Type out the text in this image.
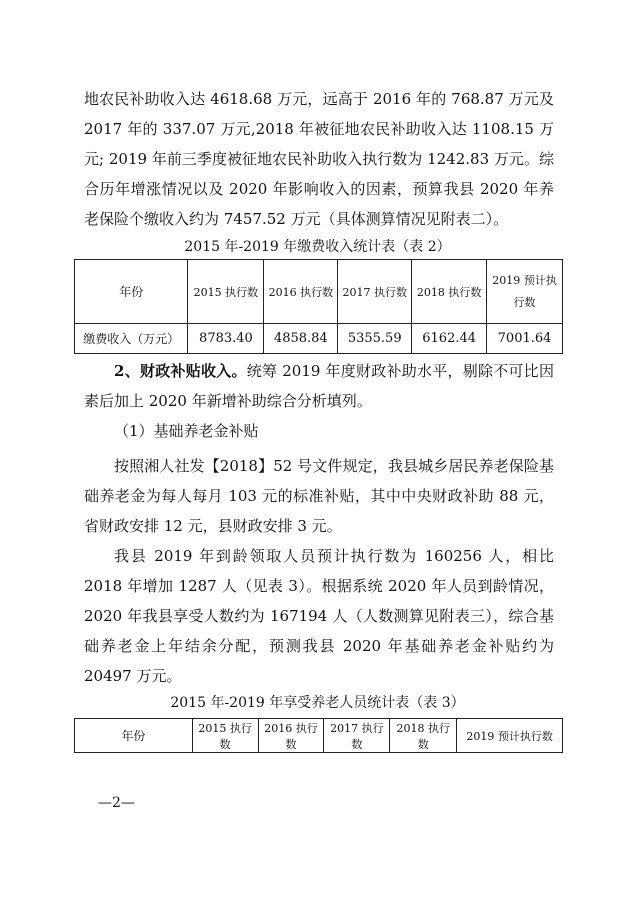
地农民补助收入达 4618.68 万元，远高于 2016 年的 768.87 万元及 2017 年的 337.07 万元,2018 年被征地农民补助收入达 1108.15 万元; 2019 年前三季度被征地农民补助收入执行数为 1242.83 万元。综合历年增涨情况以及 2020 年影响收入的因素，预算我县 2020 年养老保险个缴收入约为 7457.52 万元（具体测算情况见附表二）。

2015 年-2019 年缴费收入统计表（表 2）
年份	2015 执行数	2016 执行数	2017 执行数	2018 执行数	2019 预计执行数
缴费收入（万元）	8783.40	4858.84	5355.59	6162.44	7001.64

2、财政补贴收入。统筹 2019 年度财政补助水平，剔除不可比因素后加上 2020 年新增补助综合分析填列。

（1）基础养老金补贴

按照湘人社发【2018】52 号文件规定，我县城乡居民养老保险基础养老金为每人每月 103 元的标准补贴，其中中央财政补助 88 元，省财政安排 12 元，县财政安排 3 元。

我县 2019 年到龄领取人员预计执行数为 160256 人，相比 2018 年增加 1287 人（见表 3）。根据系统 2020 年人员到龄情况，2020 年我县享受人数约为 167194 人（人数测算见附表三），综合基础养老金上年结余分配，预测我县 2020 年基础养老金补贴约为 20497 万元。

2015 年-2019 年享受养老人员统计表（表 3）
年份	2015 执行数	2016 执行数	2017 执行数	2018 执行数	2019 预计执行数
—2—
